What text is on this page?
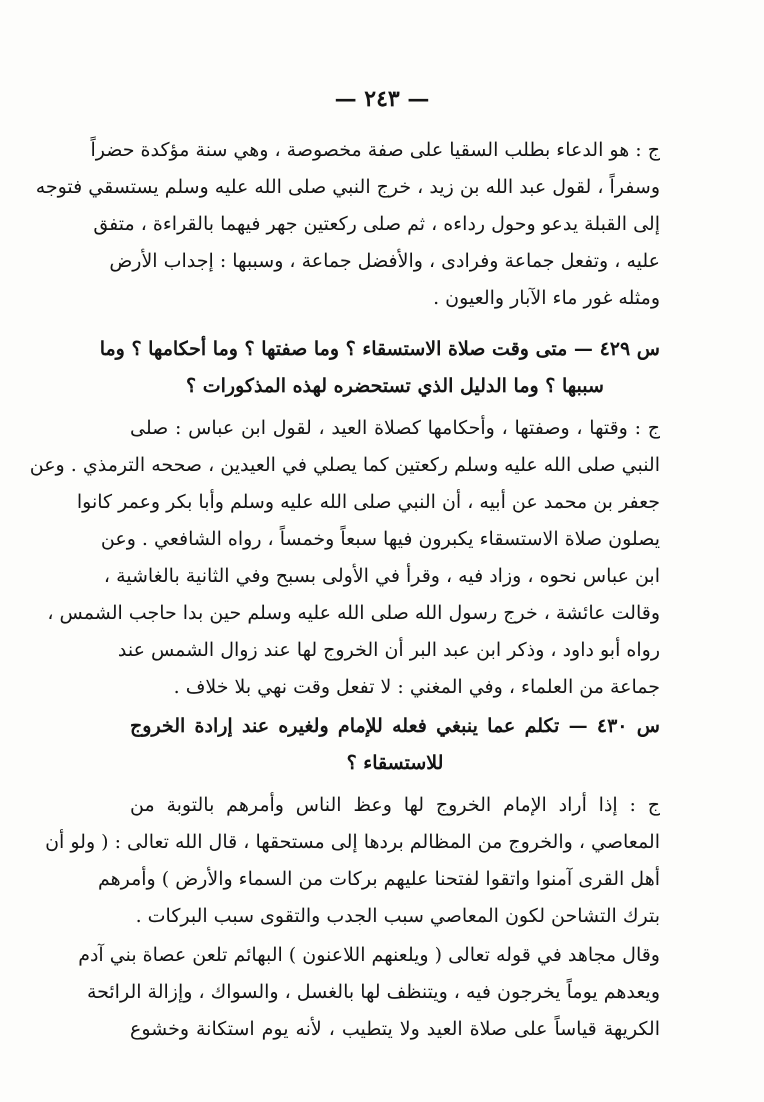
— ٢٤٣ —
ج : هو الدعاء بطلب السقيا على صفة مخصوصة ، وهي سنة مؤكدة حضراً
وسفراً ، لقول عبد الله بن زيد ، خرج النبي صلى الله عليه وسلم يستسقي فتوجه
إلى القبلة يدعو وحول رداءه ، ثم صلى ركعتين جهر فيهما بالقراءة ، متفق
عليه ، وتفعل جماعة وفرادى ، والأفضل جماعة ، وسببها : إجداب الأرض
ومثله غور ماء الآبار والعيون .
س ٤٢٩ — متى وقت صلاة الاستسقاء ؟ وما صفتها ؟ وما أحكامها ؟ وما
سببها ؟ وما الدليل الذي تستحضره لهذه المذكورات ؟
ج : وقتها ، وصفتها ، وأحكامها كصلاة العيد ، لقول ابن عباس : صلى
النبي صلى الله عليه وسلم ركعتين كما يصلي في العيدين ، صححه الترمذي . وعن
جعفر بن محمد عن أبيه ، أن النبي صلى الله عليه وسلم وأبا بكر وعمر كانوا
يصلون صلاة الاستسقاء يكبرون فيها سبعاً وخمساً ، رواه الشافعي . وعن
ابن عباس نحوه ، وزاد فيه ، وقرأ في الأولى بسبح وفي الثانية بالغاشية ،
وقالت عائشة ، خرج رسول الله صلى الله عليه وسلم حين بدا حاجب الشمس ،
رواه أبو داود ، وذكر ابن عبد البر أن الخروج لها عند زوال الشمس عند
جماعة من العلماء ، وفي المغني : لا تفعل وقت نهي بلا خلاف .
س ٤٣٠ — تكلم عما ينبغي فعله للإمام ولغيره عند إرادة الخروج
للاستسقاء ؟
ج : إذا أراد الإمام الخروج لها وعظ الناس وأمرهم بالتوبة من
المعاصي ، والخروج من المظالم بردها إلى مستحقها ، قال الله تعالى : ( ولو أن
أهل القرى آمنوا واتقوا لفتحنا عليهم بركات من السماء والأرض ) وأمرهم
بترك التشاحن لكون المعاصي سبب الجدب والتقوى سبب البركات .
وقال مجاهد في قوله تعالى ( ويلعنهم اللاعنون ) البهائم تلعن عصاة بني آدم
ويعدهم يوماً يخرجون فيه ، ويتنظف لها بالغسل ، والسواك ، وإزالة الرائحة
الكريهة قياساً على صلاة العيد ولا يتطيب ، لأنه يوم استكانة وخشوع
